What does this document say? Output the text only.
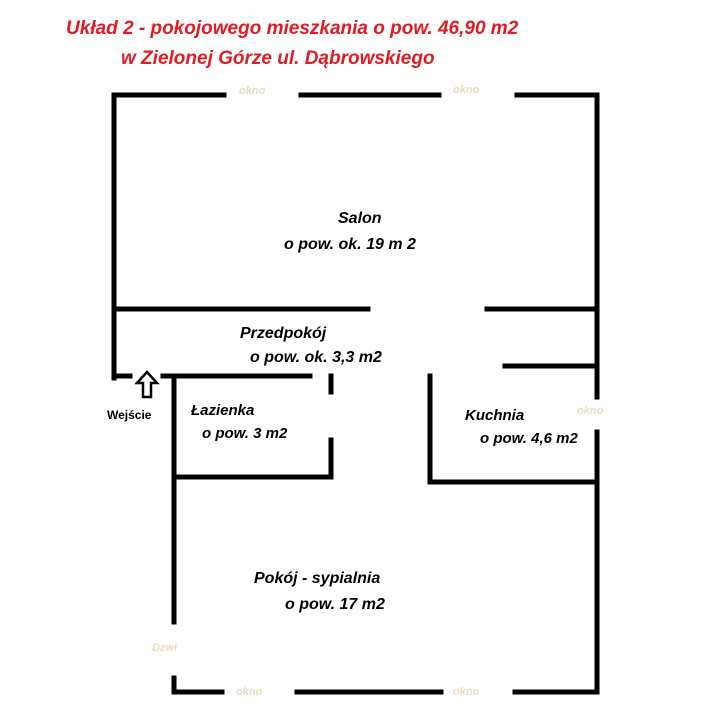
Układ 2 - pokojowego mieszkania o pow. 46,90 m2

w Zielonej Górze ul. Dąbrowskiego

okno	okno
okno
okno	okno
Dzwi
Salon
o pow. ok. 19 m 2
Przedpokój
o pow. ok. 3,3 m2
Łazienka
o pow. 3 m2
Kuchnia
o pow. 4,6 m2
Pokój - sypialnia
o pow. 17 m2
Wejście
